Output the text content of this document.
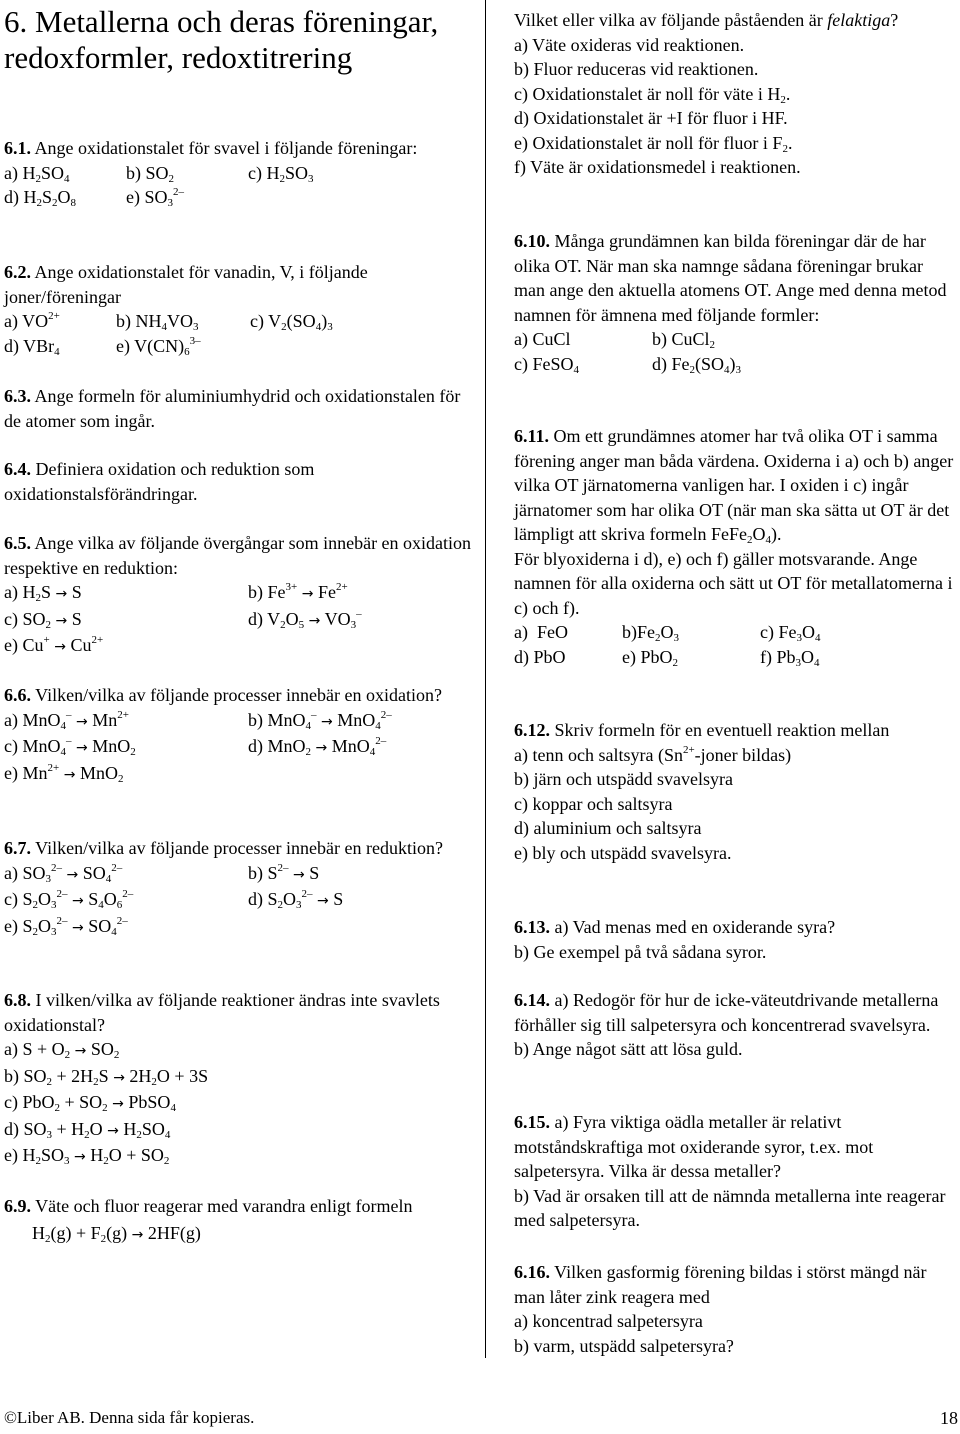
6. Metallerna och deras föreningar, redoxformler, redoxtitrering
6.1. Ange oxidationstalet för svavel i följande föreningar:

a) $H_2SO_4$	b) $SO_2$	c) $H_2SO_3$
d) $H_2S_2O_8$	e) $SO_3^{2-}$
6.2. Ange oxidationstalet för vanadin, V, i följande joner/föreningar

a) $VO^{2+}$	b) $NH_4VO_3$	c) $V_2(SO_4)_3$
d) VBr$_4$	e) $V(CN)_6^{3-}$
6.3. Ange formeln för aluminiumhydrid och oxidationstalen för de atomer som ingår.
6.4. Definiera oxidation och reduktion som oxidationstalsförändringar.
6.5. Ange vilka av följande övergångar som innebär en oxidation respektive en reduktion:

a) $H_2S \to S$	b) $Fe^{3+} \to Fe^{2+}$
c) $SO_2 \to S$	d) $V_2O_5 \to VO_3^-$
e) $Cu^+ \to Cu^{2+}$
6.6. Vilken/vilka av följande processer innebär en oxidation?

a) $MnO_4^- \to Mn^{2+}$	b) MnO$_4$– → MnO$_4^{2-}$
c) MnO$_4$– → MnO$_2$	d) MnO$_2$ → MnO$_4^{2-}$
e) $Mn^{2+} \to MnO_2$
6.7. Vilken/vilka av följande processer innebär en reduktion?

a) $SO_3^{2-} \to SO_4^{2-}$	b) $S^{2-} \to S$
c) $S_2O_3^{2-} \to S_4O_6^{2-}$	d) $S_2O_3^{2-} \to S$
e) $S_2O_3^{2-} \to SO_4^{2-}$
6.8. I vilken/vilka av följande reaktioner ändras inte svavlets oxidationstal?

a) $S + O_2 \to SO_2$
b) $SO_2 + 2H_2S \to 2H_2O + 3S$
c) $PbO_2 + SO_2$ → PbSO$_4$
d) $SO_3 + H_2O \to H_2SO_4$
e) $H_2SO_3 \to H_2O + SO_2$
6.9. Väte och fluor reagerar med varandra enligt formeln

$H_2(g) + F_2(g) \to 2HF(g)$
Vilket eller vilka av följande påståenden är felaktiga?
a) Väte oxideras vid reaktionen.
b) Fluor reduceras vid reaktionen.
c) Oxidationstalet är noll för väte i $H_2$.
d) Oxidationstalet är +I för fluor i HF.
e) Oxidationstalet är noll för fluor i $F_2$.
f) Väte är oxidationsmedel i reaktionen.
6.10. Många grundämnen kan bilda föreningar där de har olika OT. När man ska namnge sådana föreningar brukar man ange den aktuella atomens OT. Ange med denna metod namnen för ämnena med följande formler:

a) CuCl	b) CuCl$_2$
c) FeSO$_4$	d) $Fe_2(SO_4)_3$
6.11. Om ett grundämnes atomer har två olika OT i samma förening anger man båda värdena. Oxiderna i a) och b) anger vilka OT järnatomerna vanligen har. I oxiden i c) ingår järnatomer som har olika OT (när man ska sätta ut OT är det lämpligt att skriva formeln $FeFe_2O_4$).
För blyoxiderna i d), e) och f) gäller motsvarande. Ange namnen för alla oxiderna och sätt ut OT för metallatomerna i c) och f).

a)  FeO	$b)Fe_2O_3$	c) $Fe_3O_4$
d) PbO	e) PbO$_2$	f) $Pb_3O_4$
6.12. Skriv formeln för en eventuell reaktion mellan
a) tenn och saltsyra ($Sn^{2+}$-joner bildas)
b) järn och utspädd svavelsyra
c) koppar och saltsyra
d) aluminium och saltsyra
e) bly och utspädd svavelsyra.
6.13. a) Vad menas med en oxiderande syra?
b) Ge exempel på två sådana syror.
6.14. a) Redogör för hur de icke-väteutdrivande metallerna förhåller sig till salpetersyra och koncentrerad svavelsyra.
b) Ange något sätt att lösa guld.
6.15. a) Fyra viktiga oädla metaller är relativt motståndskraftiga mot oxiderande syror, t.ex. mot salpetersyra. Vilka är dessa metaller?
b) Vad är orsaken till att de nämnda metallerna inte reagerar med salpetersyra.
6.16. Vilken gasformig förening bildas i störst mängd när man låter zink reagera med
a) koncentrad salpetersyra
b) varm, utspädd salpetersyra?
©Liber AB. Denna sida får kopieras.	18
